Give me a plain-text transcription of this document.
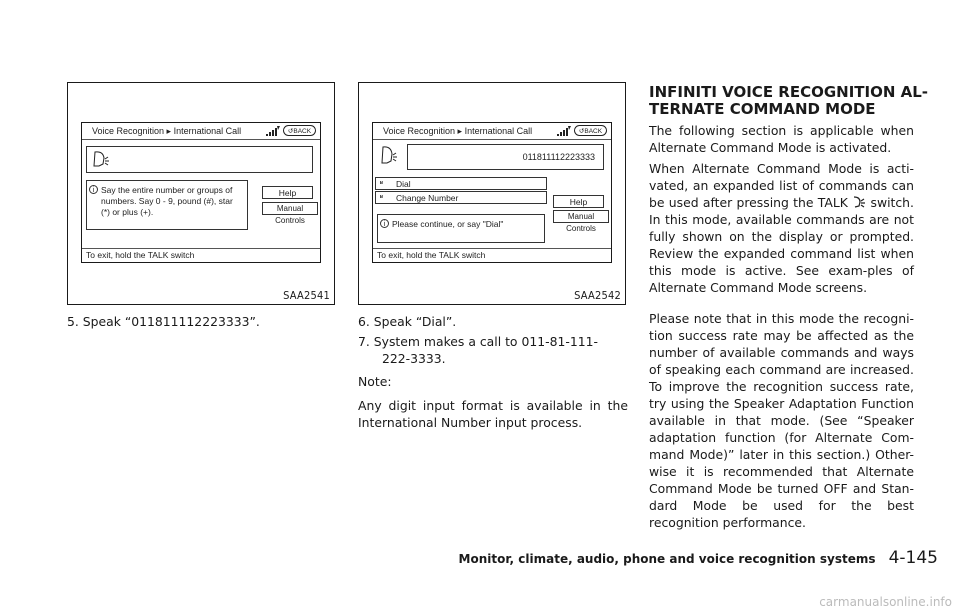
Voice Recognition ▸ International Call	↺BACK
i Say the entire number or groups of numbers. Say 0 - 9, pound (#), star (*) or plus (+).
Help
Manual Controls
To exit, hold the TALK switch
SAA2541
Voice Recognition ▸ International Call	↺BACK
011811112223333
ʶ Dial
ʶ Change Number	Help
Manual Controls
i Please continue, or say "Dial"
To exit, hold the TALK switch
SAA2542
5. Speak “011811112223333”.	6. Speak “Dial”.
7. System makes a call to 011-81-111-
222-3333.
Note:
Any digit input format is available in the International Number input process.
INFINITI VOICE RECOGNITION AL-
TERNATE COMMAND MODE
The following section is applicable when Alternate Command Mode is activated.
When Alternate Command Mode is acti-vated, an expanded list of commands can be used after pressing the TALK switch. In this mode, available commands are not fully shown on the display or prompted. Review the expanded command list when this mode is active. See exam-ples of Alternate Command Mode screens.
Please note that in this mode the recogni-tion success rate may be affected as the number of available commands and ways of speaking each command are increased. To improve the recognition success rate, try using the Speaker Adaptation Function available in that mode. (See “Speaker adaptation function (for Alternate Com-mand Mode)” later in this section.) Other-wise it is recommended that Alternate Command Mode be turned OFF and Stan-dard Mode be used for the best recognition performance.
Monitor, climate, audio, phone and voice recognition systems 4-145
carmanualsonline.info
